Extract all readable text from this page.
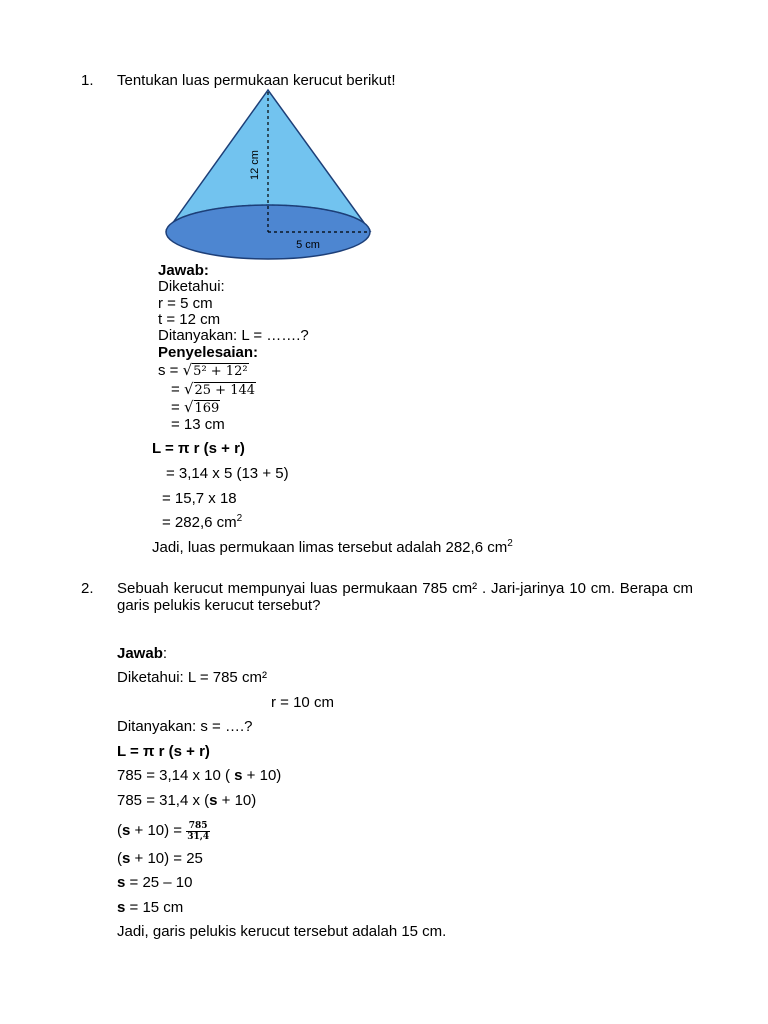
1. Tentukan luas permukaan kerucut berikut!
12 cm
5 cm
Jawab:
Diketahui:
r = 5 cm
t = 12 cm
Ditanyakan: L = …….?
Penyelesaian:
s = √5² + 12²
= √25 + 144
= √169
= 13 cm
L = π r (s + r)
= 3,14 x 5 (13 + 5)
= 15,7 x 18
= 282,6 $cm^2$
Jadi, luas permukaan limas tersebut adalah 282,6 $cm^2$
2. Sebuah kerucut mempunyai luas permukaan 785 cm² . Jari-jarinya 10 cm. Berapa cm garis pelukis kerucut tersebut?
Jawab:
Diketahui: L = 785 cm²
r = 10 cm
Ditanyakan: s = ….?
L = π r (s + r)
785 = 3,14 x 10 ( s + 10)
785 = 31,4 x (s + 10)
$(s + 10) = \frac{785}{31,4}$
(s + 10) = 25
s = 25 – 10
s = 15 cm
Jadi, garis pelukis kerucut tersebut adalah 15 cm.
